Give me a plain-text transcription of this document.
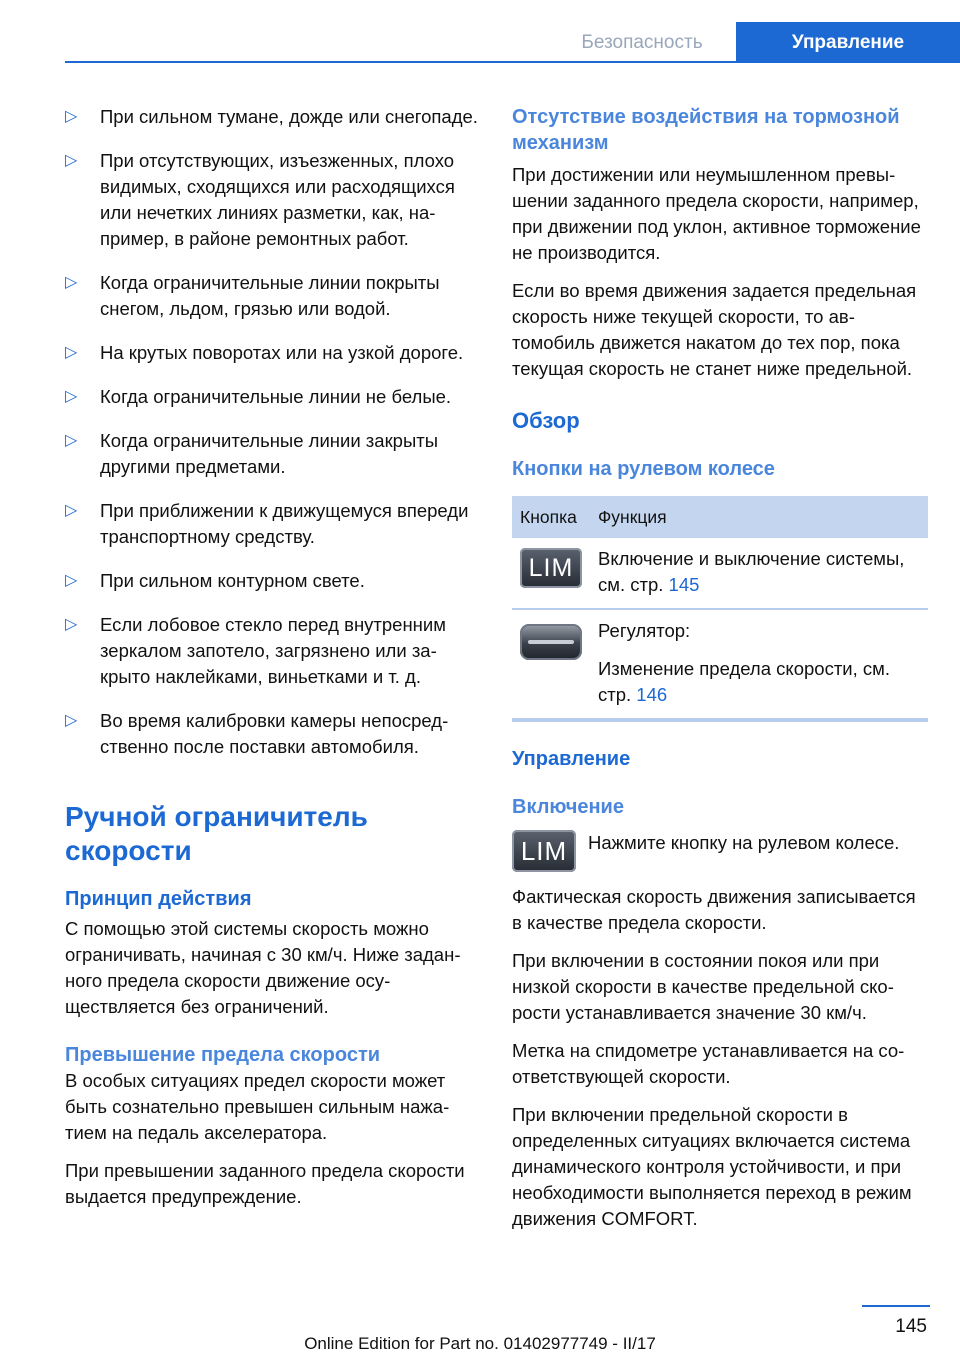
Безопасность	Управление
▷ При сильном тумане, дожде или снегопаде.
▷ При отсутствующих, изъезженных, плохо видимых, сходящихся или расходящихся или нечетких линиях разметки, как, например, в районе ремонтных работ.
▷ Когда ограничительные линии покрыты снегом, льдом, грязью или водой.
▷ На крутых поворотах или на узкой дороге.
▷ Когда ограничительные линии не белые.
▷ Когда ограничительные линии закрыты другими предметами.
▷ При приближении к движущемуся впереди транспортному средству.
▷ При сильном контурном свете.
▷ Если лобовое стекло перед внутренним зеркалом запотело, загрязнено или закрыто наклейками, виньетками и т. д.
▷ Во время калибровки камеры непосредственно после поставки автомобиля.
Ручной ограничитель скорости
Принцип действия
С помощью этой системы скорость можно ограничивать, начиная с 30 км/ч. Ниже заданного предела скорости движение осуществляется без ограничений.
Превышение предела скорости
В особых ситуациях предел скорости может быть сознательно превышен сильным нажатием на педаль акселератора.
При превышении заданного предела скорости выдается предупреждение.
Отсутствие воздействия на тормозной механизм
При достижении или неумышленном превышении заданного предела скорости, например, при движении под уклон, активное торможение не производится.
Если во время движения задается предельная скорость ниже текущей скорости, то автомобиль движется накатом до тех пор, пока текущая скорость не станет ниже предельной.
Обзор
Кнопки на рулевом колесе
Кнопка	Функция
LIM	Включение и выключение системы, см. стр. 145
Регулятор:
Изменение предела скорости, см. стр. 146
Управление
Включение
LIM	Нажмите кнопку на рулевом колесе.
Фактическая скорость движения записывается в качестве предела скорости.
При включении в состоянии покоя или при низкой скорости в качестве предельной скорости устанавливается значение 30 км/ч.
Метка на спидометре устанавливается на соответствующей скорости.
При включении предельной скорости в определенных ситуациях включается система динамического контроля устойчивости, и при необходимости выполняется переход в режим движения COMFORT.
145
Online Edition for Part no. 01402977749 - II/17
